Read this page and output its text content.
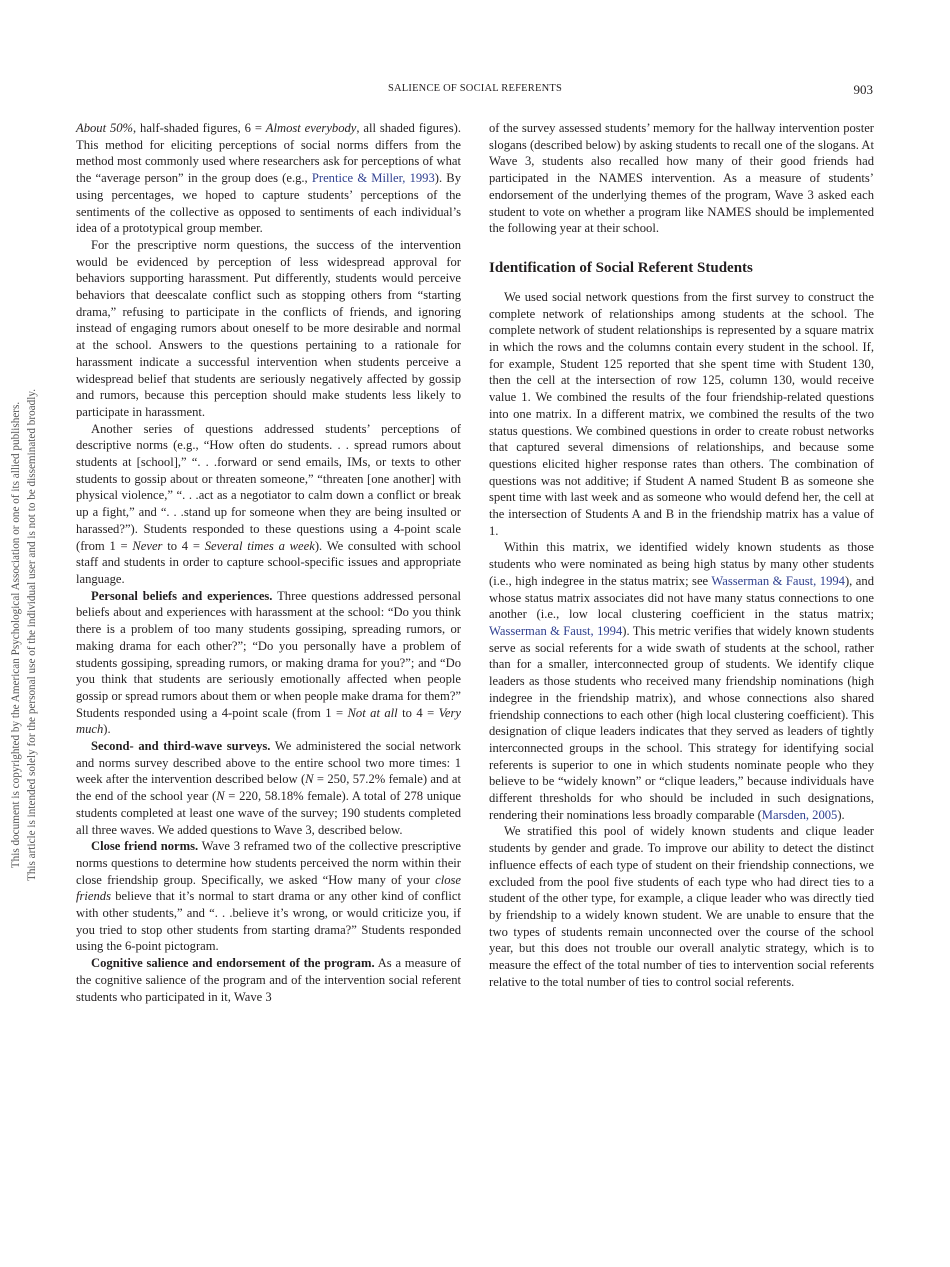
SALIENCE OF SOCIAL REFERENTS	903
This document is copyrighted by the American Psychological Association or one of its allied publishers. This article is intended solely for the personal use of the individual user and is not to be disseminated broadly.

About 50%, half-shaded figures, 6 = Almost everybody, all shaded figures). This method for eliciting perceptions of social norms differs from the method most commonly used where researchers ask for perceptions of what the “average person” in the group does (e.g., Prentice & Miller, 1993). By using percentages, we hoped to capture students’ perceptions of the sentiments of the collective as opposed to sentiments of each individual’s idea of a prototypical group member.

For the prescriptive norm questions, the success of the intervention would be evidenced by perception of less widespread approval for behaviors supporting harassment. Put differently, students would perceive behaviors that deescalate conflict such as stopping others from “starting drama,” refusing to participate in the conflicts of friends, and ignoring instead of engaging rumors about oneself to be more desirable and normal at the school. Answers to the questions pertaining to a rationale for harassment indicate a successful intervention when students perceive a widespread belief that students are seriously negatively affected by gossip and rumors, because this perception should make students less likely to participate in harassment.

Another series of questions addressed students’ perceptions of descriptive norms (e.g., “How often do students. . . spread rumors about students at [school],” “. . .forward or send emails, IMs, or texts to other students to gossip about or threaten someone,” “threaten [one another] with physical violence,” “. . .act as a negotiator to calm down a conflict or break up a fight,” and “. . .stand up for someone when they are being insulted or harassed?”). Students responded to these questions using a 4-point scale (from 1 = Never to 4 = Several times a week). We consulted with school staff and students in order to capture school-specific issues and appropriate language.

Personal beliefs and experiences. Three questions addressed personal beliefs about and experiences with harassment at the school: “Do you think there is a problem of too many students gossiping, spreading rumors, or making drama for each other?”; “Do you personally have a problem of students gossiping, spreading rumors, or making drama for you?”; and “Do you think that students are seriously emotionally affected when people gossip or spread rumors about them or when people make drama for them?” Students responded using a 4-point scale (from 1 = Not at all to 4 = Very much).

Second- and third-wave surveys. We administered the social network and norms survey described above to the entire school two more times: 1 week after the intervention described below (N = 250, 57.2% female) and at the end of the school year (N = 220, 58.18% female). A total of 278 unique students completed at least one wave of the survey; 190 students completed all three waves. We added questions to Wave 3, described below.

Close friend norms. Wave 3 reframed two of the collective prescriptive norms questions to determine how students perceived the norm within their close friendship group. Specifically, we asked “How many of your close friends believe that it’s normal to start drama or any other kind of conflict with other students,” and “. . .believe it’s wrong, or would criticize you, if you tried to stop other students from starting drama?” Students responded using the 6-point pictogram.

Cognitive salience and endorsement of the program. As a measure of the cognitive salience of the program and of the intervention social referent students who participated in it, Wave 3

of the survey assessed students’ memory for the hallway intervention poster slogans (described below) by asking students to recall one of the slogans. At Wave 3, students also recalled how many of their good friends had participated in the NAMES intervention. As a measure of students’ endorsement of the underlying themes of the program, Wave 3 asked each student to vote on whether a program like NAMES should be implemented the following year at their school.

Identification of Social Referent Students

We used social network questions from the first survey to construct the complete network of relationships among students at the school. The complete network of student relationships is represented by a square matrix in which the rows and the columns contain every student in the school. If, for example, Student 125 reported that she spent time with Student 130, then the cell at the intersection of row 125, column 130, would receive value 1. We combined the results of the four friendship-related questions into one matrix. In a different matrix, we combined the results of the two status questions. We combined questions in order to create robust networks that captured several dimensions of relationships, and because some questions elicited higher response rates than others. The combination of questions was not additive; if Student A named Student B as someone she spent time with last week and as someone who would defend her, the cell at the intersection of Students A and B in the friendship matrix has a value of 1.

Within this matrix, we identified widely known students as those students who were nominated as being high status by many other students (i.e., high indegree in the status matrix; see Wasserman & Faust, 1994), and whose status matrix associates did not have many status connections to one another (i.e., low local clustering coefficient in the status matrix; Wasserman & Faust, 1994). This metric verifies that widely known students serve as social referents for a wide swath of students at the school, rather than for a smaller, interconnected group of students. We identify clique leaders as those students who received many friendship nominations (high indegree in the friendship matrix), and whose connections also shared friendship connections to each other (high local clustering coefficient). This designation of clique leaders indicates that they served as leaders of tightly interconnected groups in the school. This strategy for identifying social referents is superior to one in which students nominate people who they believe to be “widely known” or “clique leaders,” because individuals have different thresholds for who should be included in such designations, rendering their nominations less broadly comparable (Marsden, 2005).

We stratified this pool of widely known students and clique leader students by gender and grade. To improve our ability to detect the distinct influence effects of each type of student on their friendship connections, we excluded from the pool five students of each type who had direct ties to a student of the other type, for example, a clique leader who was directly tied by friendship to a widely known student. We are unable to ensure that the two types of students remain unconnected over the course of the school year, but this does not trouble our overall analytic strategy, which is to measure the effect of the total number of ties to intervention social referents relative to the total number of ties to control social referents.
